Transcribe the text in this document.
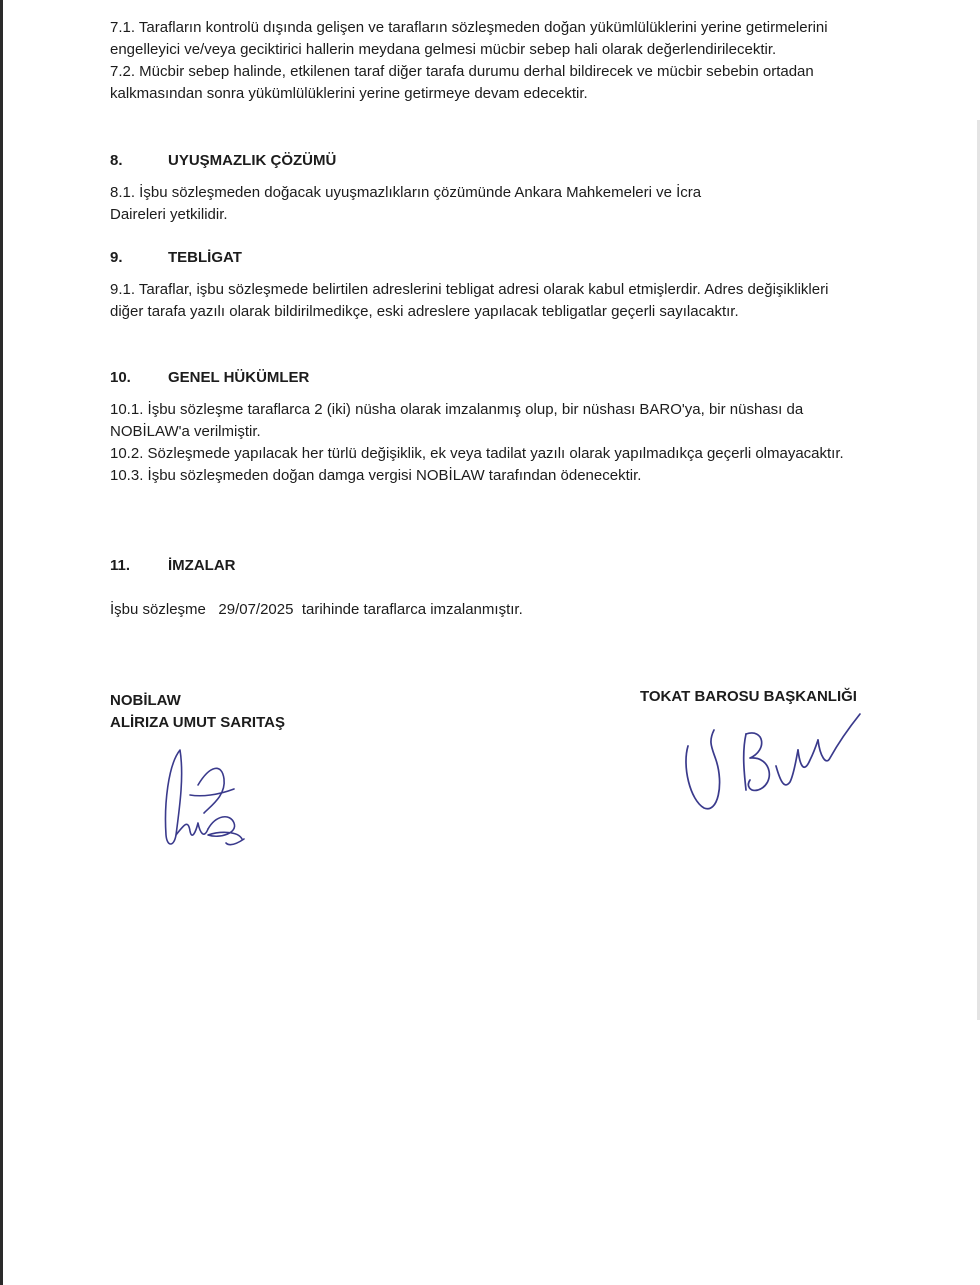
7.1. Tarafların kontrolü dışında gelişen ve tarafların sözleşmeden doğan yükümlülüklerini yerine getirmelerini engelleyici ve/veya geciktirici hallerin meydana gelmesi mücbir sebep hali olarak değerlendirilecektir.

7.2. Mücbir sebep halinde, etkilenen taraf diğer tarafa durumu derhal bildirecek ve mücbir sebebin ortadan kalkmasından sonra yükümlülüklerini yerine getirmeye devam edecektir.

8.	UYUŞMAZLIK ÇÖZÜMÜ

8.1. İşbu sözleşmeden doğacak uyuşmazlıkların çözümünde Ankara Mahkemeleri ve İcra Daireleri yetkilidir.

9.	TEBLİGAT

9.1. Taraflar, işbu sözleşmede belirtilen adreslerini tebligat adresi olarak kabul etmişlerdir. Adres değişiklikleri diğer tarafa yazılı olarak bildirilmedikçe, eski adreslere yapılacak tebligatlar geçerli sayılacaktır.

10. GENEL HÜKÜMLER

10.1. İşbu sözleşme taraflarca 2 (iki) nüsha olarak imzalanmış olup, bir nüshası BARO'ya, bir nüshası da NOBİLAW'a verilmiştir.

10.2. Sözleşmede yapılacak her türlü değişiklik, ek veya tadilat yazılı olarak yapılmadıkça geçerli olmayacaktır.

10.3. İşbu sözleşmeden doğan damga vergisi NOBİLAW tarafından ödenecektir.

11.	İMZALAR
İşbu sözleşme 29/07/2025 tarihinde taraflarca imzalanmıştır.
NOBİLAW
ALİRIZA UMUT SARITAŞ
TOKAT BAROSU BAŞKANLIĞI
